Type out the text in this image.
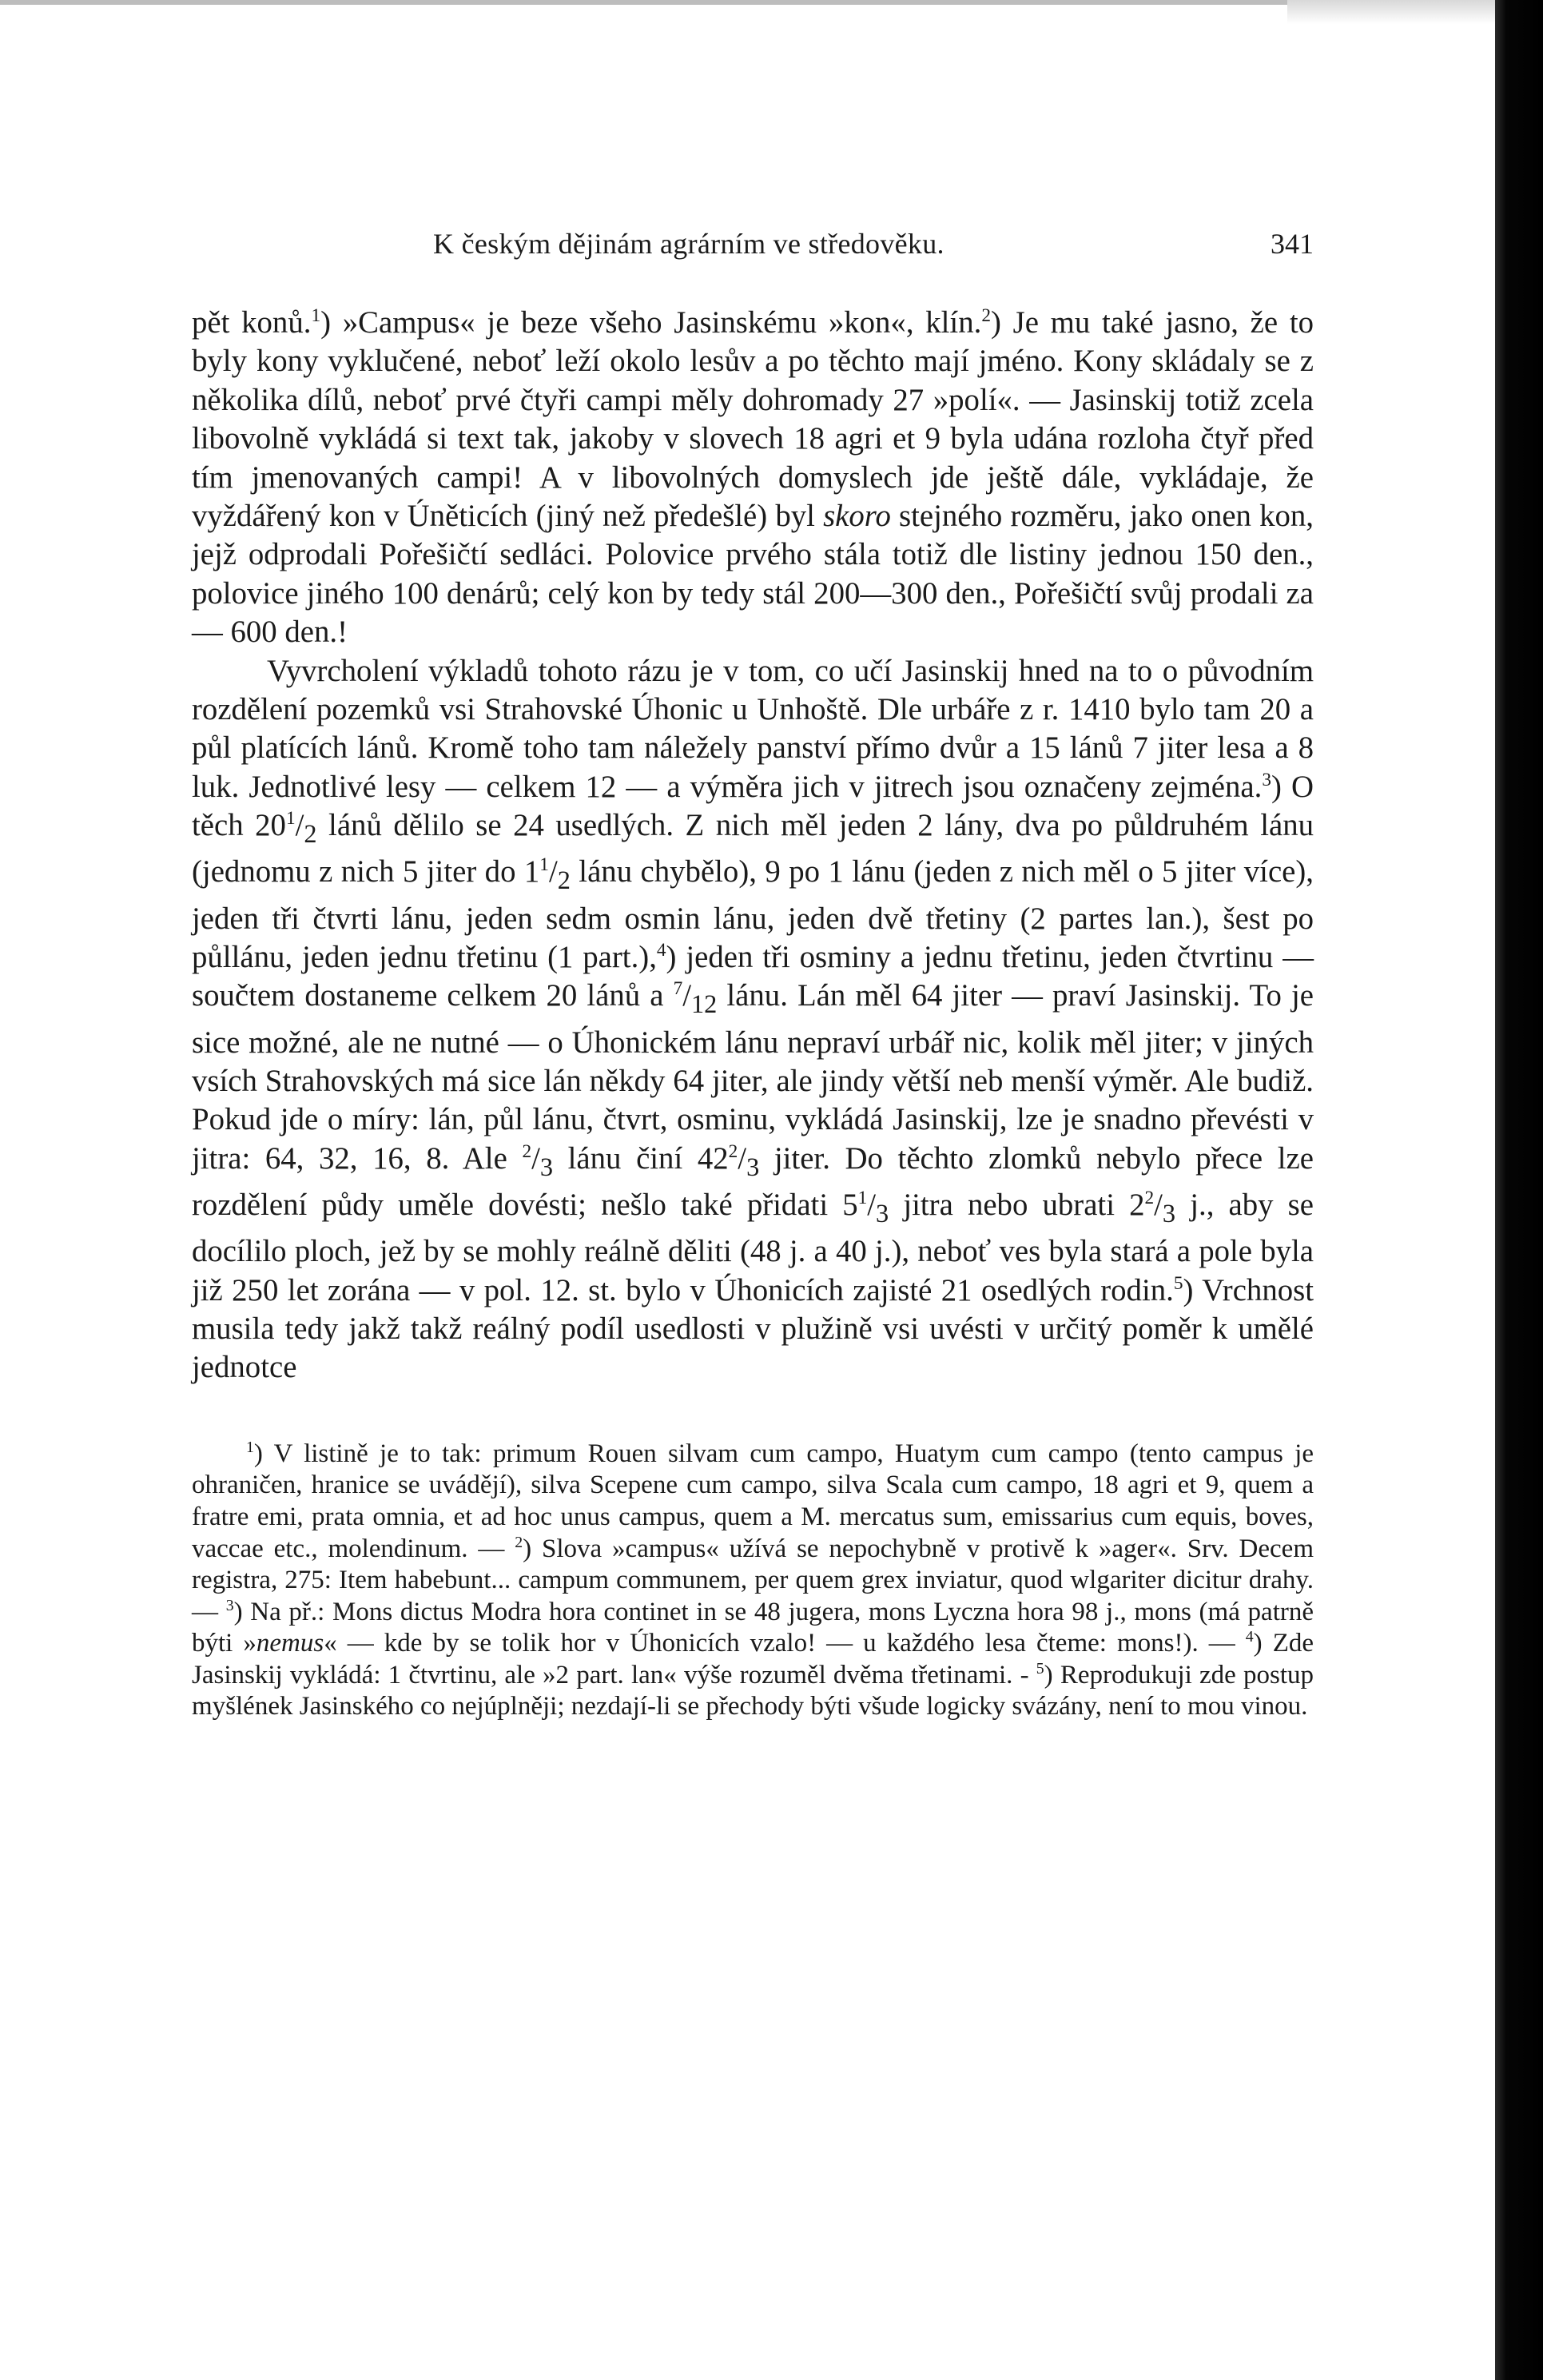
K českým dějinám agrárním ve středověku.	341

pět konů.$^1$) »Campus« je beze všeho Jasinskému »kon«, klín.$^2$) Je mu také jasno, že to byly kony vyklučené, neboť leží okolo lesův a po těchto mají jméno. Kony skládaly se z několika dílů, neboť prvé čtyři campi měly dohromady 27 »polí«. — Jasinskij totiž zcela libovolně vykládá si text tak, jakoby v slovech 18 agri et 9 byla udána rozloha čtyř před tím jmenovaných campi! A v libovolných domyslech jde ještě dále, vykládaje, že vyždářený kon v Úněticích (jiný než předešlé) byl skoro stejného rozměru, jako onen kon, jejž odprodali Pořešičtí sedláci. Polovice prvého stála totiž dle listiny jednou 150 den., polovice jiného 100 denárů; celý kon by tedy stál 200—300 den., Pořešičtí svůj prodali za — 600 den.!

Vyvrcholení výkladů tohoto rázu je v tom, co učí Jasinskij hned na to o původním rozdělení pozemků vsi Strahovské Úhonic u Unhoště. Dle urbáře z r. 1410 bylo tam 20 a půl platících lánů. Kromě toho tam náležely panství přímo dvůr a 15 lánů 7 jiter lesa a 8 luk. Jednotlivé lesy — celkem 12 — a výměra jich v jitrech jsou označeny zejména.$^3$) O těch $20^1/_2$ lánů dělilo se 24 usedlých. Z nich měl jeden 2 lány, dva po půldruhém lánu (jednomu z nich 5 jiter do $1^1/_2$ lánu chybělo), 9 po 1 lánu (jeden z nich měl o 5 jiter více), jeden tři čtvrti lánu, jeden sedm osmin lánu, jeden dvě třetiny (2 partes lan.), šest po půllánu, jeden jednu třetinu (1 part.),$^4$) jeden tři osminy a jednu třetinu, jeden čtvrtinu — součtem dostaneme celkem 20 lánů a $^7/_{12}$ lánu. Lán měl 64 jiter — praví Jasinskij. To je sice možné, ale ne nutné — o Úhonickém lánu nepraví urbář nic, kolik měl jiter; v jiných vsích Strahovských má sice lán někdy 64 jiter, ale jindy větší neb menší výměr. Ale budiž. Pokud jde o míry: lán, půl lánu, čtvrt, osminu, vykládá Jasinskij, lze je snadno převésti v jitra: 64, 32, 16, 8. Ale $^2/_3$ lánu činí $42^2/_3$ jiter. Do těchto zlomků nebylo přece lze rozdělení půdy uměle dovésti; nešlo také přidati $5^1/_3$ jitra nebo ubrati $2^2/_3$ j., aby se docílilo ploch, jež by se mohly reálně děliti (48 j. a 40 j.), neboť ves byla stará a pole byla již 250 let zorána — v pol. 12. st. bylo v Úhonicích zajisté 21 osedlých rodin.$^5$) Vrchnost musila tedy jakž takž reálný podíl usedlosti v plužině vsi uvésti v určitý poměr k umělé jednotce

$^1$) V listině je to tak: primum Rouen silvam cum campo, Huatym cum campo (tento campus je ohraničen, hranice se uvádějí), silva Scepene cum campo, silva Scala cum campo, 18 agri et 9, quem a fratre emi, prata omnia, et ad hoc unus campus, quem a M. mercatus sum, emissarius cum equis, boves, vaccae etc., molendinum. — $^2$) Slova »campus« užívá se nepochybně v protivě k »ager«. Srv. Decem registra, 275: Item habebunt... campum communem, per quem grex inviatur, quod wlgariter dicitur drahy. — $^3$) Na př.: Mons dictus Modra hora continet in se 48 jugera, mons Lyczna hora 98 j., mons (má patrně býti »nemus« — kde by se tolik hor v Úhonicích vzalo! — u každého lesa čteme: mons!). — $^4$) Zde Jasinskij vykládá: 1 čtvrtinu, ale »2 part. lan« výše rozuměl dvěma třetinami. - $^5$) Reprodukuji zde postup myšlének Jasinského co nejúplněji; nezdají-li se přechody býti všude logicky svázány, není to mou vinou.
